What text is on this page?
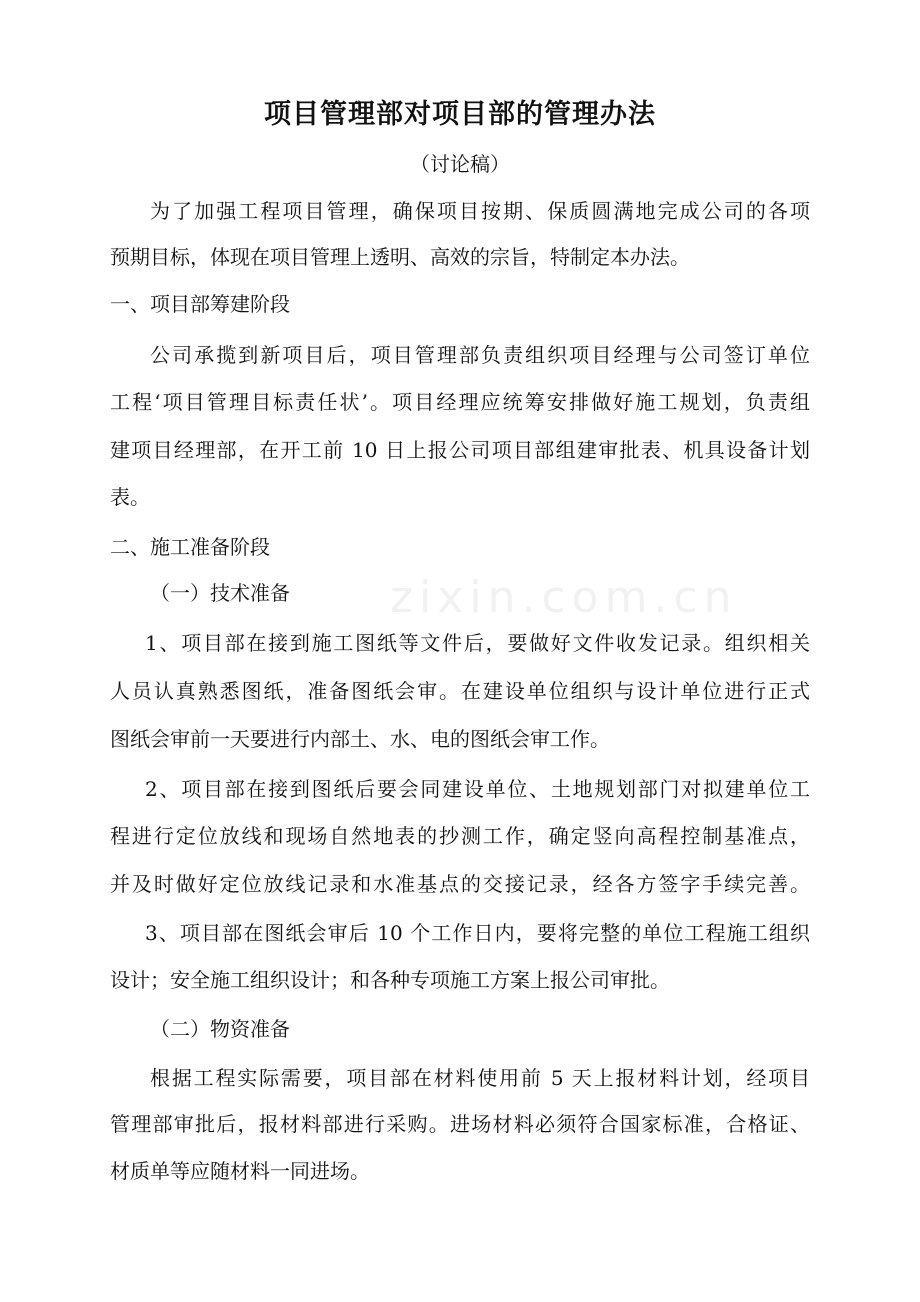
zixin.com.cn
项目管理部对项目部的管理办法
（讨论稿）
为了加强工程项目管理，确保项目按期、保质圆满地完成公司的各项
预期目标，体现在项目管理上透明、高效的宗旨，特制定本办法。
一、项目部筹建阶段
公司承揽到新项目后，项目管理部负责组织项目经理与公司签订单位
工程‘项目管理目标责任状’。项目经理应统筹安排做好施工规划，负责组
建项目经理部，在开工前 10 日上报公司项目部组建审批表、机具设备计划
表。
二、施工准备阶段
（一）技术准备
1、项目部在接到施工图纸等文件后，要做好文件收发记录。组织相关
人员认真熟悉图纸，准备图纸会审。在建设单位组织与设计单位进行正式
图纸会审前一天要进行内部土、水、电的图纸会审工作。
2、项目部在接到图纸后要会同建设单位、土地规划部门对拟建单位工
程进行定位放线和现场自然地表的抄测工作，确定竖向高程控制基准点，
并及时做好定位放线记录和水准基点的交接记录，经各方签字手续完善。
3、项目部在图纸会审后 10 个工作日内，要将完整的单位工程施工组织
设计；安全施工组织设计；和各种专项施工方案上报公司审批。
（二）物资准备
根据工程实际需要，项目部在材料使用前 5 天上报材料计划，经项目
管理部审批后，报材料部进行采购。进场材料必须符合国家标准，合格证、
材质单等应随材料一同进场。
